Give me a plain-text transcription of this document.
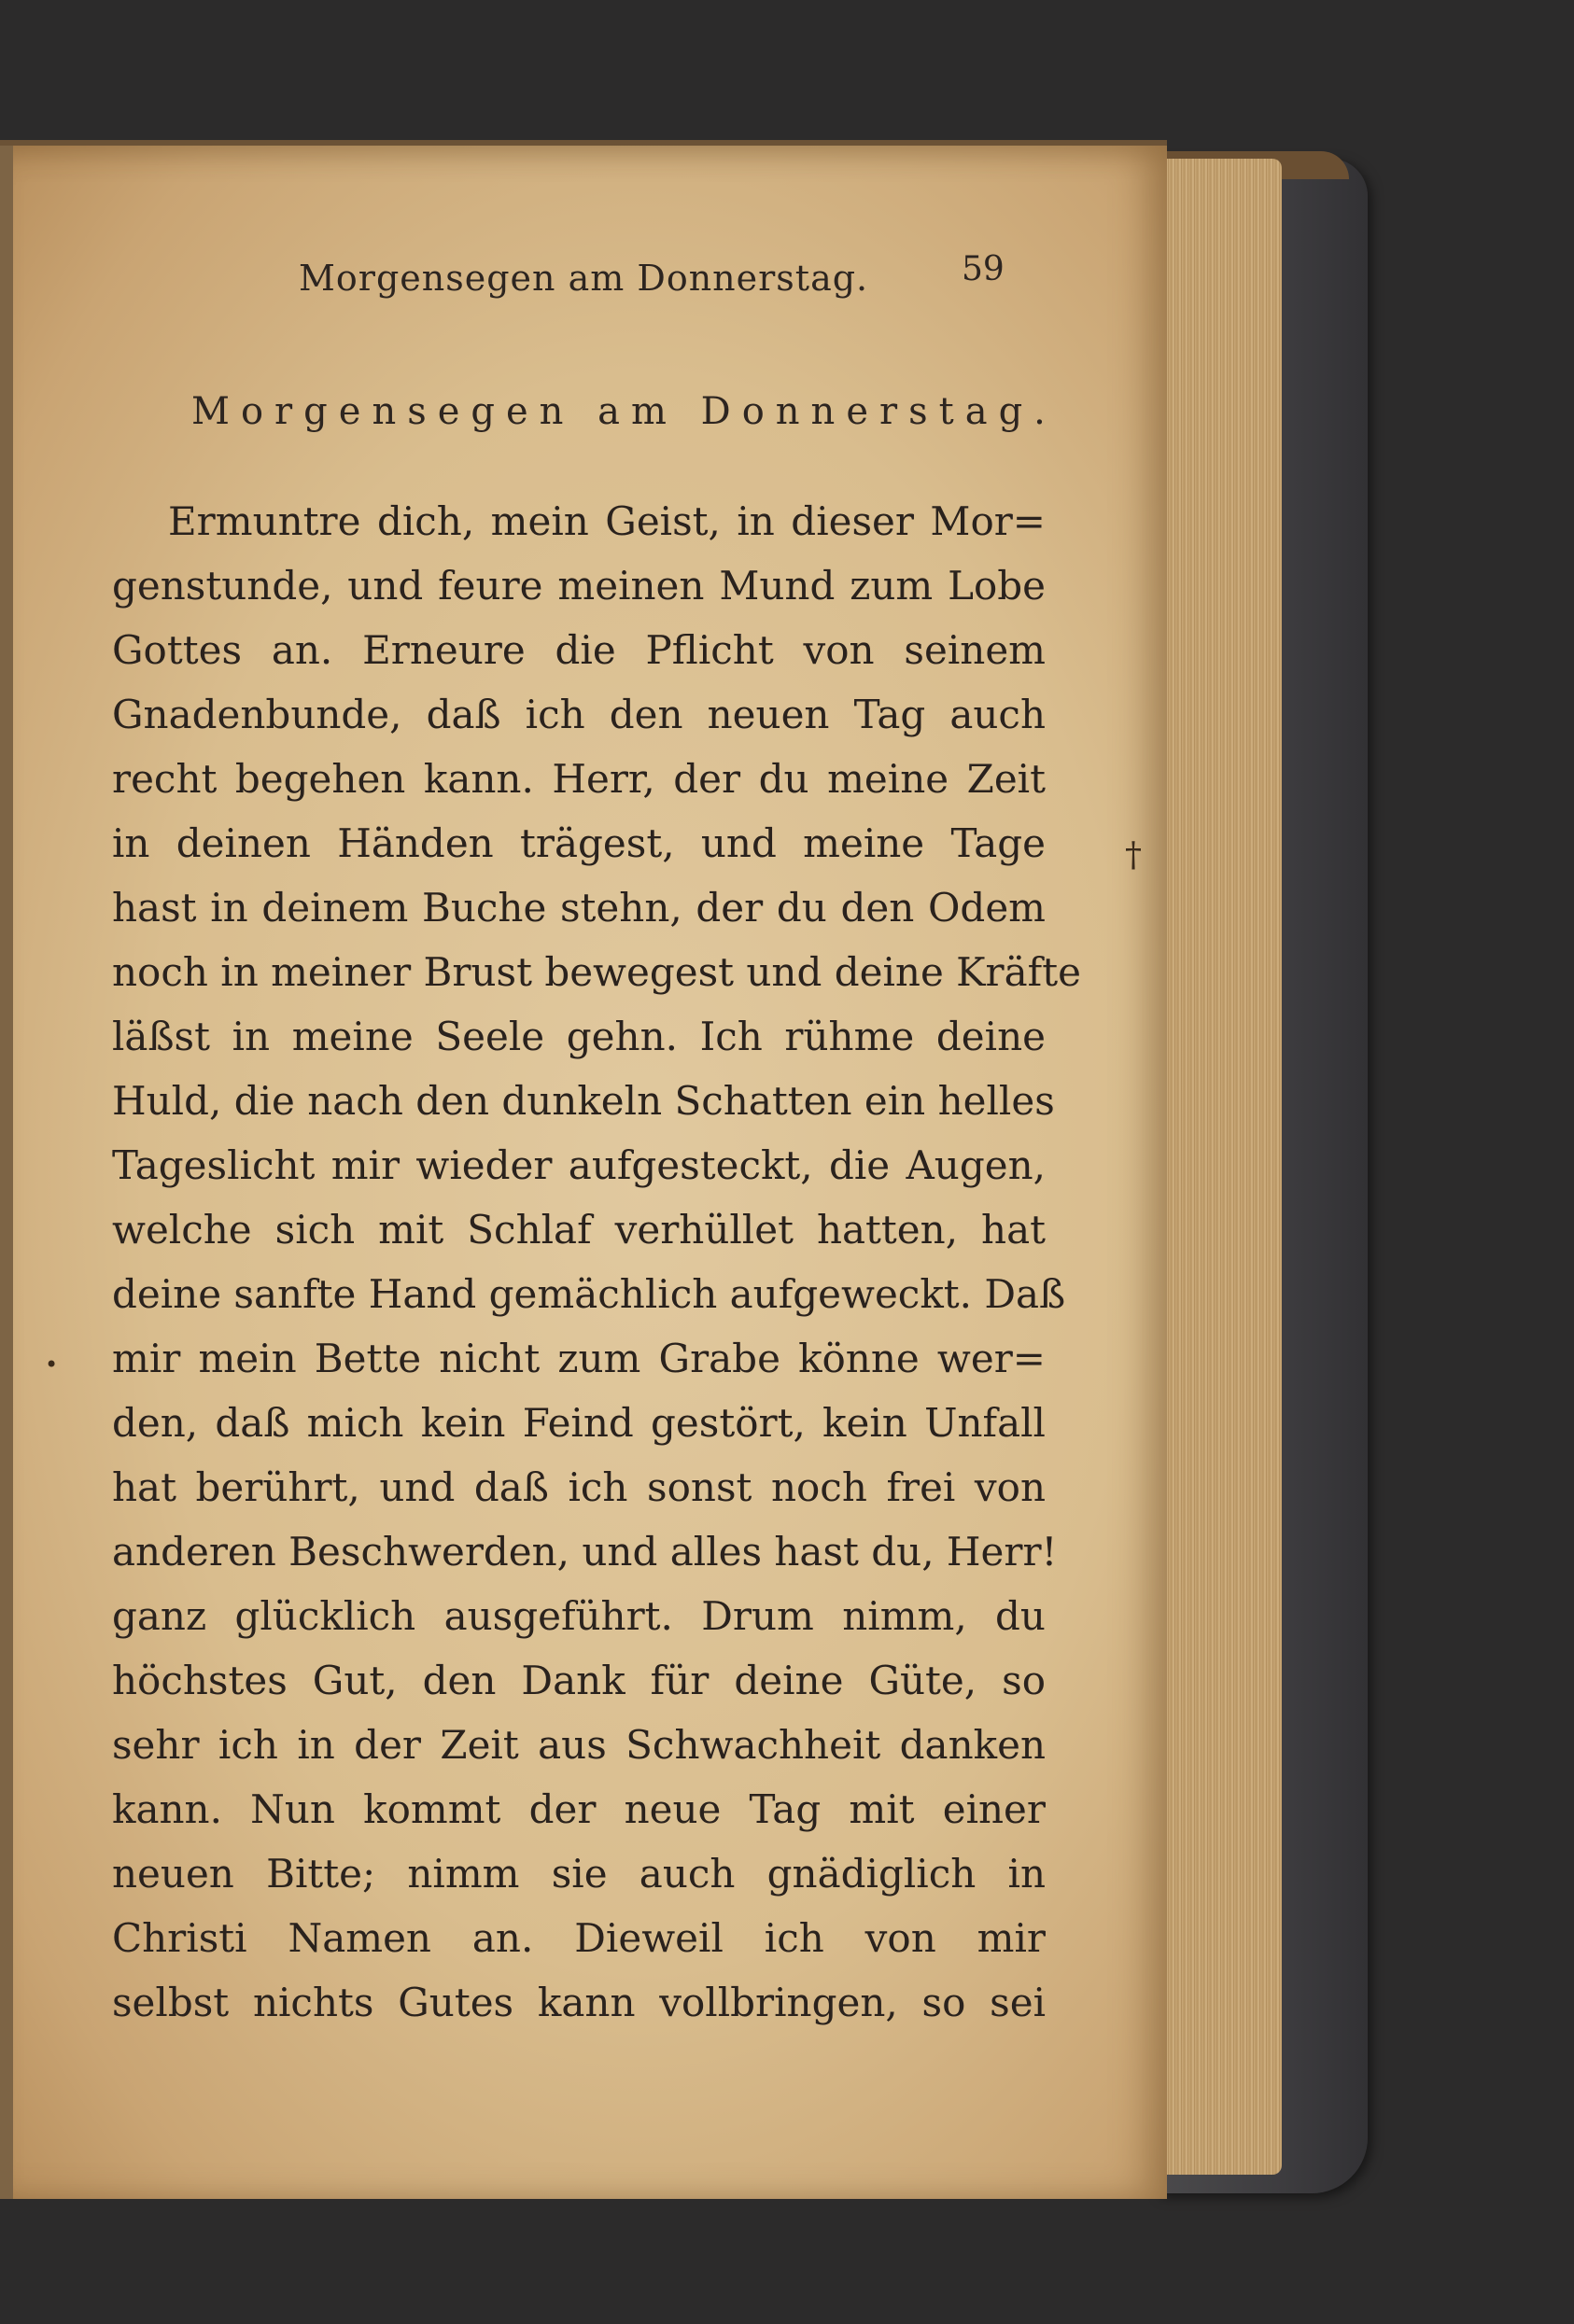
Morgensegen am Donnerstag.	59
Morgensegen am Donnerstag.
Ermuntre dich, mein Geist, in dieser Mor=
genstunde, und feure meinen Mund zum Lobe
Gottes an. Erneure die Pflicht von seinem
Gnadenbunde, daß ich den neuen Tag auch
recht begehen kann. Herr, der du meine Zeit
in deinen Händen trägest, und meine Tage
hast in deinem Buche stehn, der du den Odem
noch in meiner Brust bewegest und deine Kräfte
läßst in meine Seele gehn. Ich rühme deine
Huld, die nach den dunkeln Schatten ein helles
Tageslicht mir wieder aufgesteckt, die Augen,
welche sich mit Schlaf verhüllet hatten, hat
deine sanfte Hand gemächlich aufgeweckt. Daß
mir mein Bette nicht zum Grabe könne wer=
den, daß mich kein Feind gestört, kein Unfall
hat berührt, und daß ich sonst noch frei von
anderen Beschwerden, und alles hast du, Herr!
ganz glücklich ausgeführt. Drum nimm, du
höchstes Gut, den Dank für deine Güte, so
sehr ich in der Zeit aus Schwachheit danken
kann. Nun kommt der neue Tag mit einer
neuen Bitte; nimm sie auch gnädiglich in
Christi Namen an. Dieweil ich von mir
selbst nichts Gutes kann vollbringen, so sei
†
•
